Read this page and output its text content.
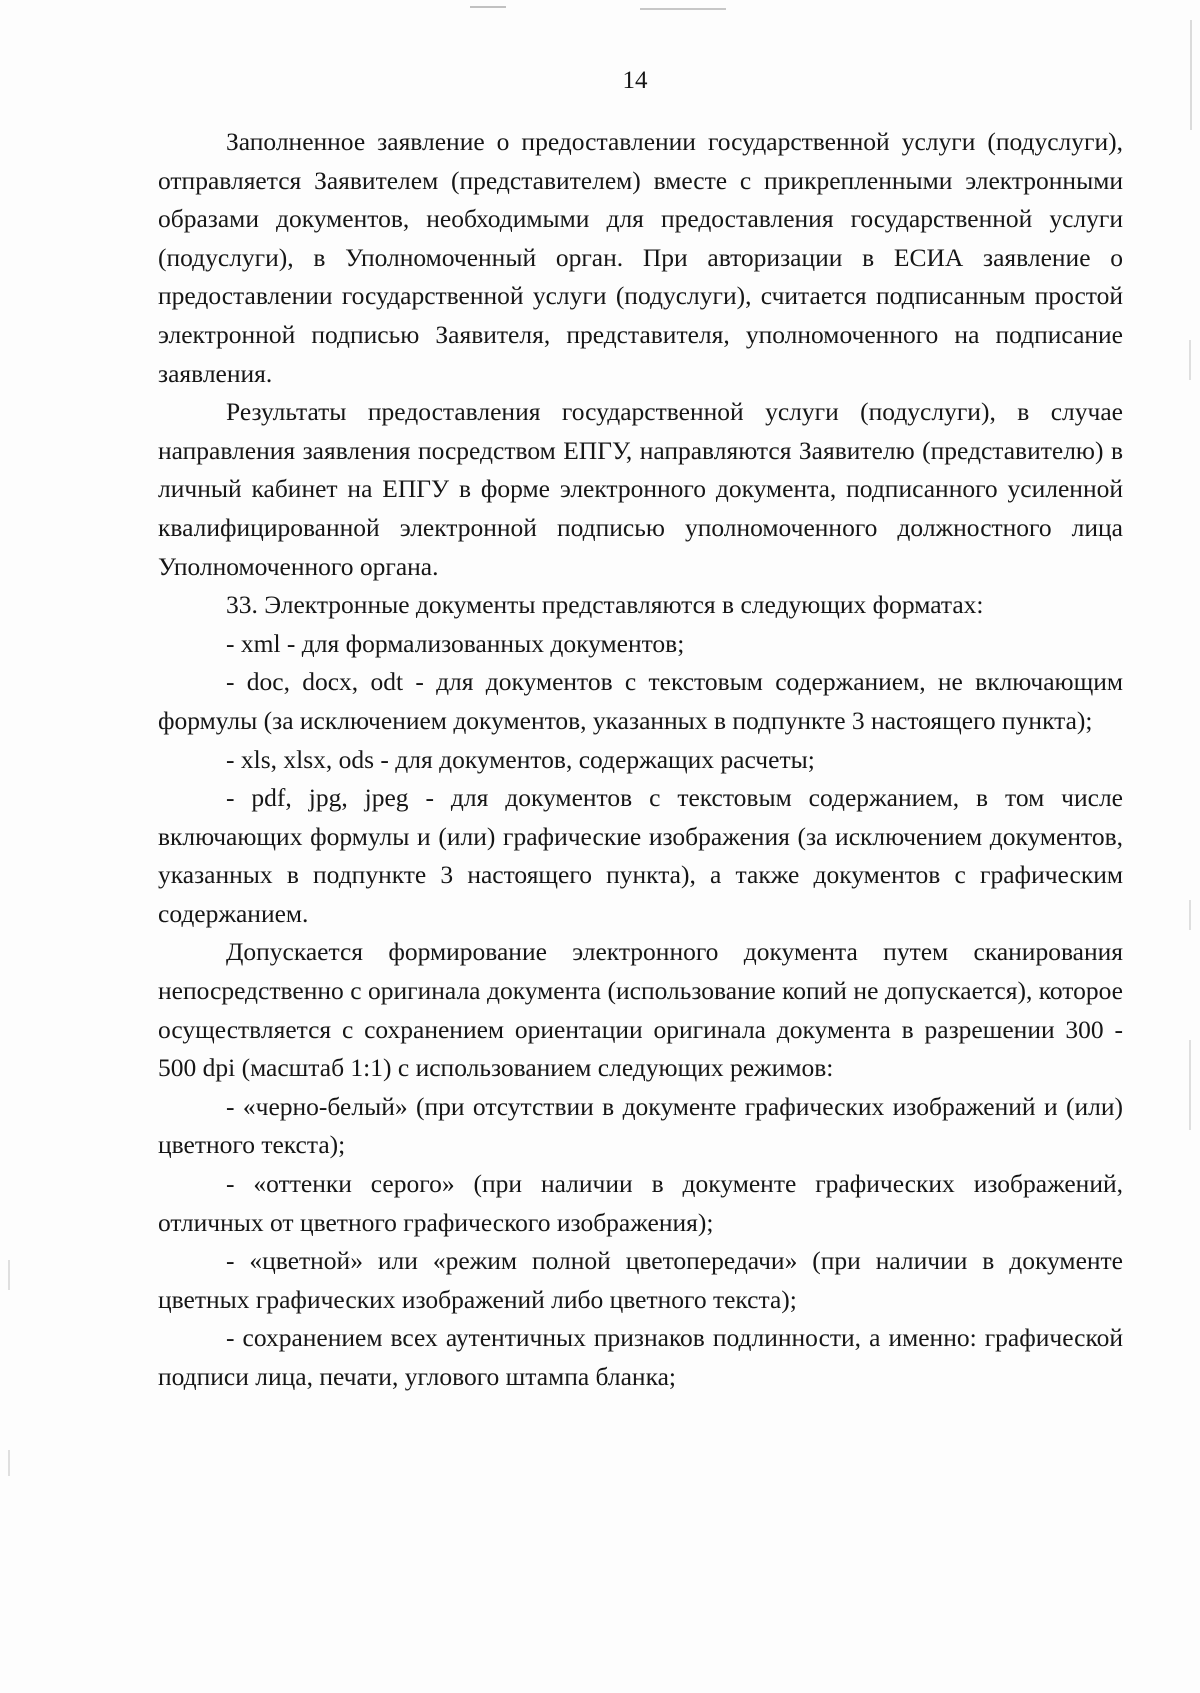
14

Заполненное заявление о предоставлении государственной услуги (подуслуги), отправляется Заявителем (представителем) вместе с прикрепленными электронными образами документов, необходимыми для предоставления государственной услуги (подуслуги), в Уполномоченный орган. При авторизации в ЕСИА заявление о предоставлении государственной услуги (подуслуги), считается подписанным простой электронной подписью Заявителя, представителя, уполномоченного на подписание заявления.

Результаты предоставления государственной услуги (подуслуги), в случае направления заявления посредством ЕПГУ, направляются Заявителю (представителю) в личный кабинет на ЕПГУ в форме электронного документа, подписанного усиленной квалифицированной электронной подписью уполномоченного должностного лица Уполномоченного органа.

33. Электронные документы представляются в следующих форматах:

- xml - для формализованных документов;

- doc, docx, odt - для документов с текстовым содержанием, не включающим формулы (за исключением документов, указанных в подпункте 3 настоящего пункта);

- xls, xlsx, ods - для документов, содержащих расчеты;

- pdf, jpg, jpeg - для документов с текстовым содержанием, в том числе включающих формулы и (или) графические изображения (за исключением документов, указанных в подпункте 3 настоящего пункта), а также документов с графическим содержанием.

Допускается формирование электронного документа путем сканирования непосредственно с оригинала документа (использование копий не допускается), которое осуществляется с сохранением ориентации оригинала документа в разрешении 300 - 500 dpi (масштаб 1:1) с использованием следующих режимов:

- «черно-белый» (при отсутствии в документе графических изображений и (или) цветного текста);

- «оттенки серого» (при наличии в документе графических изображений, отличных от цветного графического изображения);

- «цветной» или «режим полной цветопередачи» (при наличии в документе цветных графических изображений либо цветного текста);

- сохранением всех аутентичных признаков подлинности, а именно: графической подписи лица, печати, углового штампа бланка;
